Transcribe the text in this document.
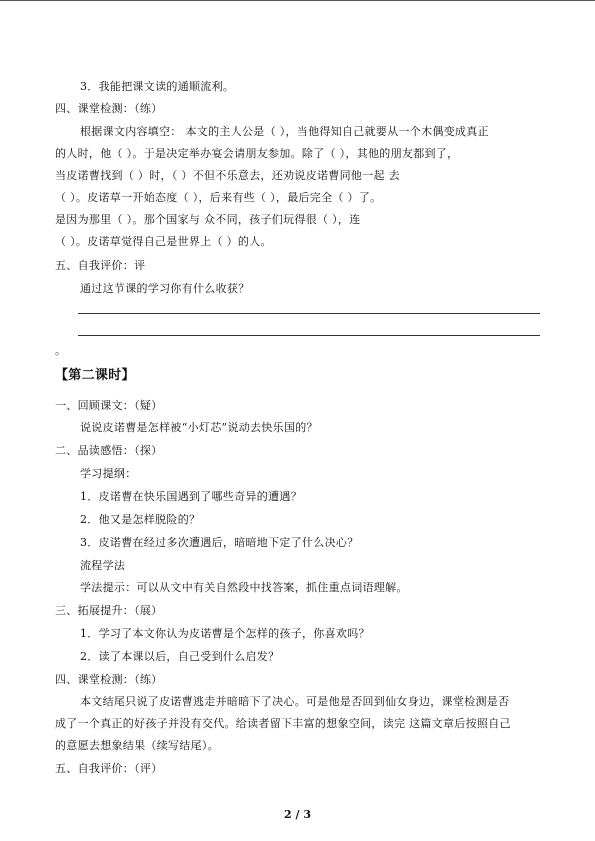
3．我能把课文读的通顺流利。
四、课堂检测：（练）
根据课文内容填空： 本文的主人公是（ ），当他得知自己就要从一个木偶变成真正
的人时，他（ ）。于是决定举办宴会请朋友参加。除了（ ），其他的朋友都到了，
当皮诺曹找到（ ）时，（ ）不但不乐意去，还劝说皮诺曹同他一起 去
（ ）。皮诺草一开始态度（ ），后来有些（ ），最后完全（ ）了。
是因为那里（ ）。那个国家与 众不同，孩子们玩得很（ ），连
（ ）。皮诺草觉得自己是世界上（ ）的人。
五、自我评价：评
通过这节课的学习你有什么收获？
。
【第二课时】
一、回顾课文：（疑）
说说皮诺曹是怎样被“小灯芯”说动去快乐国的？
二、品读感悟：（探）
学习提纲：
1．皮诺曹在快乐国遇到了哪些奇异的遭遇？
2．他又是怎样脱险的？
3．皮诺曹在经过多次遭遇后，暗暗地下定了什么决心？
流程学法
学法提示：可以从文中有关自然段中找答案，抓住重点词语理解。
三、拓展提升：（展）
1．学习了本文你认为皮诺曹是个怎样的孩子，你喜欢吗？
2．读了本课以后，自己受到什么启发？
四、课堂检测：（练）
本文结尾只说了皮诺曹逃走并暗暗下了决心。可是他是否回到仙女身边，课堂检测是否
成了一个真正的好孩子并没有交代。给读者留下丰富的想象空间，读完 这篇文章后按照自己
的意愿去想象结果（续写结尾）。
五、自我评价：（评）
2 / 3
